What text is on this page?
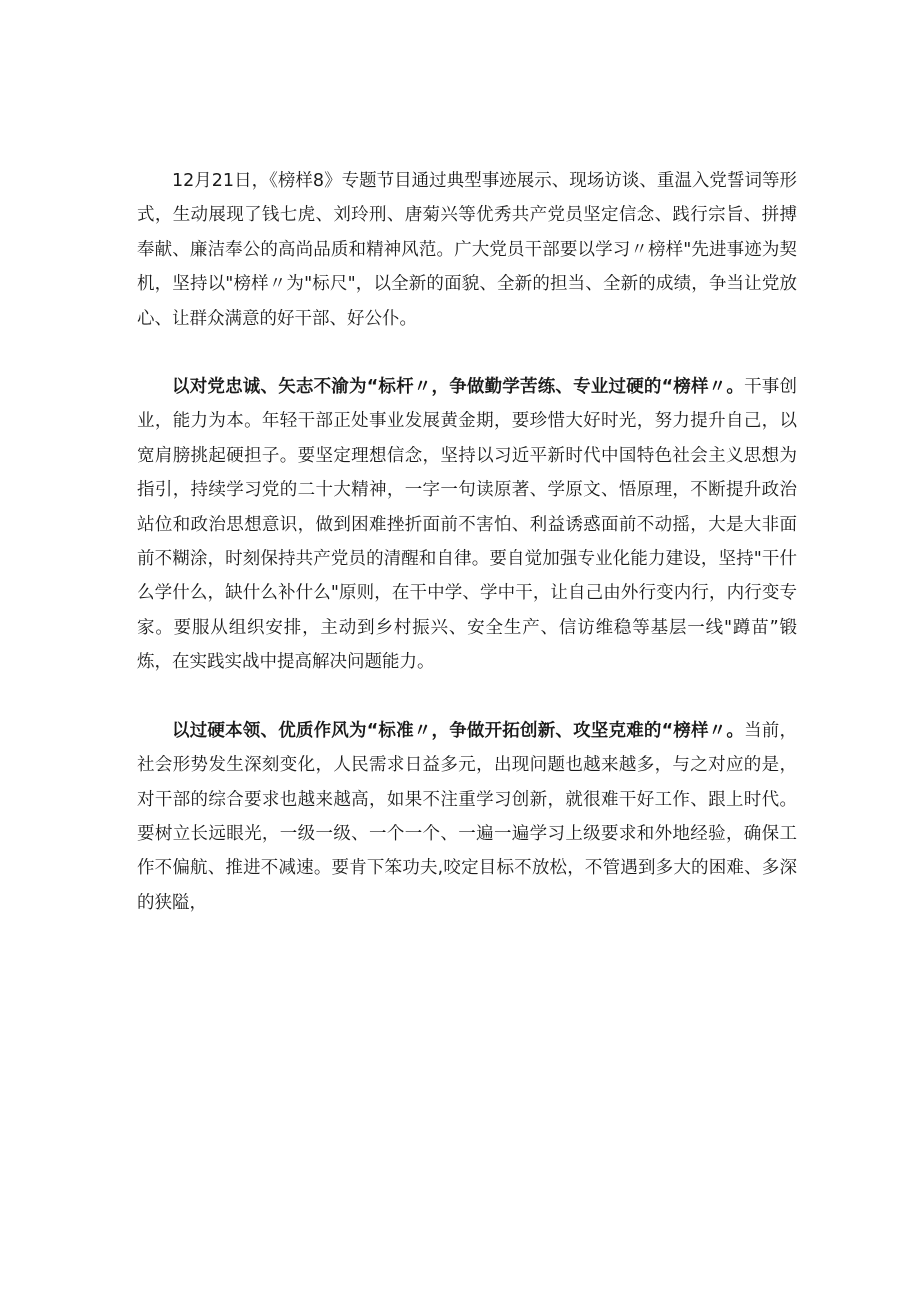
12月21日，《榜样8》专题节目通过典型事迹展示、现场访谈、重温入党誓词等形式，生动展现了钱七虎、刘玲刑、唐菊兴等优秀共产党员坚定信念、践行宗旨、拼搏奉献、廉洁奉公的高尚品质和精神风范。广大党员干部要以学习〃榜样"先进事迹为契机，坚持以"榜样〃为"标尺"，以全新的面貌、全新的担当、全新的成绩，争当让党放心、让群众满意的好干部、好公仆。

以对党忠诚、矢志不渝为“标杆〃，争做勤学苦练、专业过硬的“榜样〃。干事创业，能力为本。年轻干部正处事业发展黄金期，要珍惜大好时光，努力提升自己，以宽肩膀挑起硬担子。要坚定理想信念，坚持以习近平新时代中国特色社会主义思想为指引，持续学习党的二十大精神，一字一句读原著、学原文、悟原理，不断提升政治站位和政治思想意识，做到困难挫折面前不害怕、利益诱惑面前不动摇，大是大非面前不糊涂，时刻保持共产党员的清醒和自律。要自觉加强专业化能力建设，坚持"干什么学什么，缺什么补什么"原则，在干中学、学中干，让自己由外行变内行，内行变专家。要服从组织安排，主动到乡村振兴、安全生产、信访维稳等基层一线"蹲苗”锻炼，在实践实战中提高解决问题能力。

以过硬本领、优质作风为“标准〃，争做开拓创新、攻坚克难的“榜样〃。当前，社会形势发生深刻变化，人民需求日益多元，出现问题也越来越多，与之对应的是，对干部的综合要求也越来越高，如果不注重学习创新，就很难干好工作、跟上时代。要树立长远眼光，一级一级、一个一个、一遍一遍学习上级要求和外地经验，确保工作不偏航、推进不减速。要肯下笨功夫,咬定目标不放松，不管遇到多大的困难、多深的狭隘，
